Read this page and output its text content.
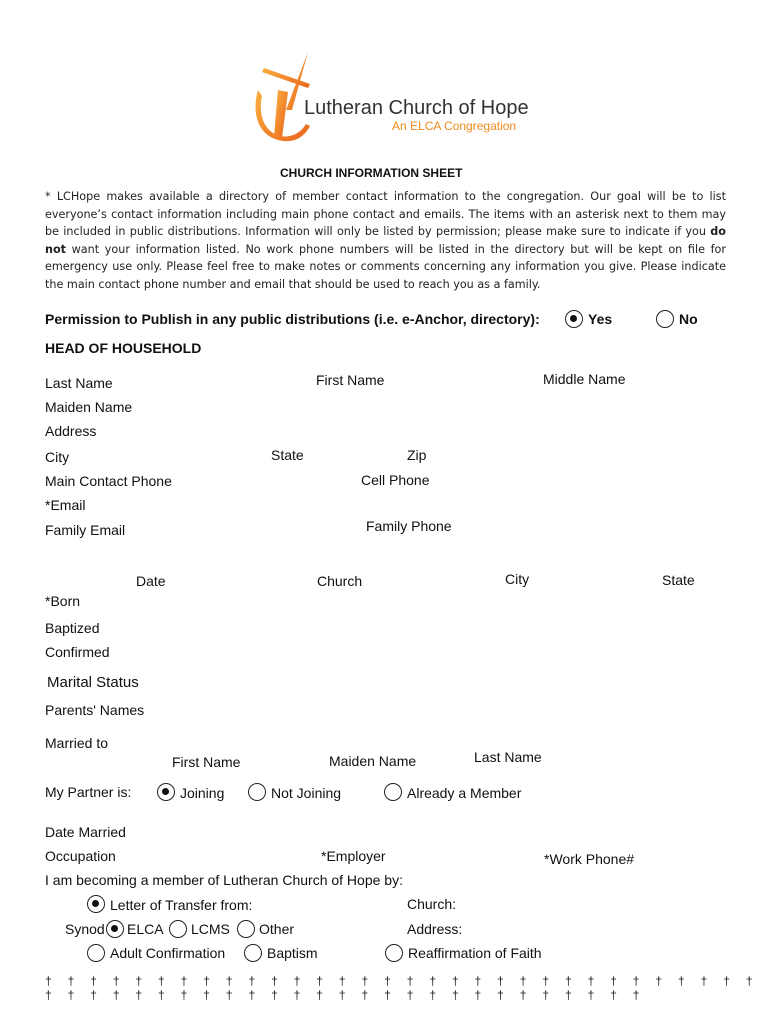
Lutheran Church of Hope
An ELCA Congregation
CHURCH INFORMATION SHEET
* LCHope makes available a directory of member contact information to the congregation. Our goal will be to list everyone’s contact information including main phone contact and emails. The items with an asterisk next to them may be included in public distributions. Information will only be listed by permission; please make sure to indicate if you do not want your information listed. No work phone numbers will be listed in the directory but will be kept on file for emergency use only. Please feel free to make notes or comments concerning any information you give. Please indicate the main contact phone number and email that should be used to reach you as a family.
Permission to Publish in any public distributions (i.e. e-Anchor, directory):	Yes	No
HEAD OF HOUSEHOLD
Last Name	First Name	Middle Name
Maiden Name
Address
City	State	Zip
Main Contact Phone	Cell Phone
*Email
Family Email	Family Phone
Date	Church	City	State
*Born
Baptized
Confirmed
Marital Status
Parents' Names
Married to
First Name	Maiden Name	Last Name
My Partner is:	Joining	Not Joining	Already a Member
Date Married
Occupation	*Employer	*Work Phone#
I am becoming a member of Lutheran Church of Hope by:
Letter of Transfer from:	Church:
Synod ELCA LCMS Other	Address:
Adult Confirmation	Baptism	Reaffirmation of Faith
† † † † † † † † † † † † † † † † † † † † † † † † † † † † † † † † † † † † † † † † † † † † † † † † † † † † † † † † † † †
